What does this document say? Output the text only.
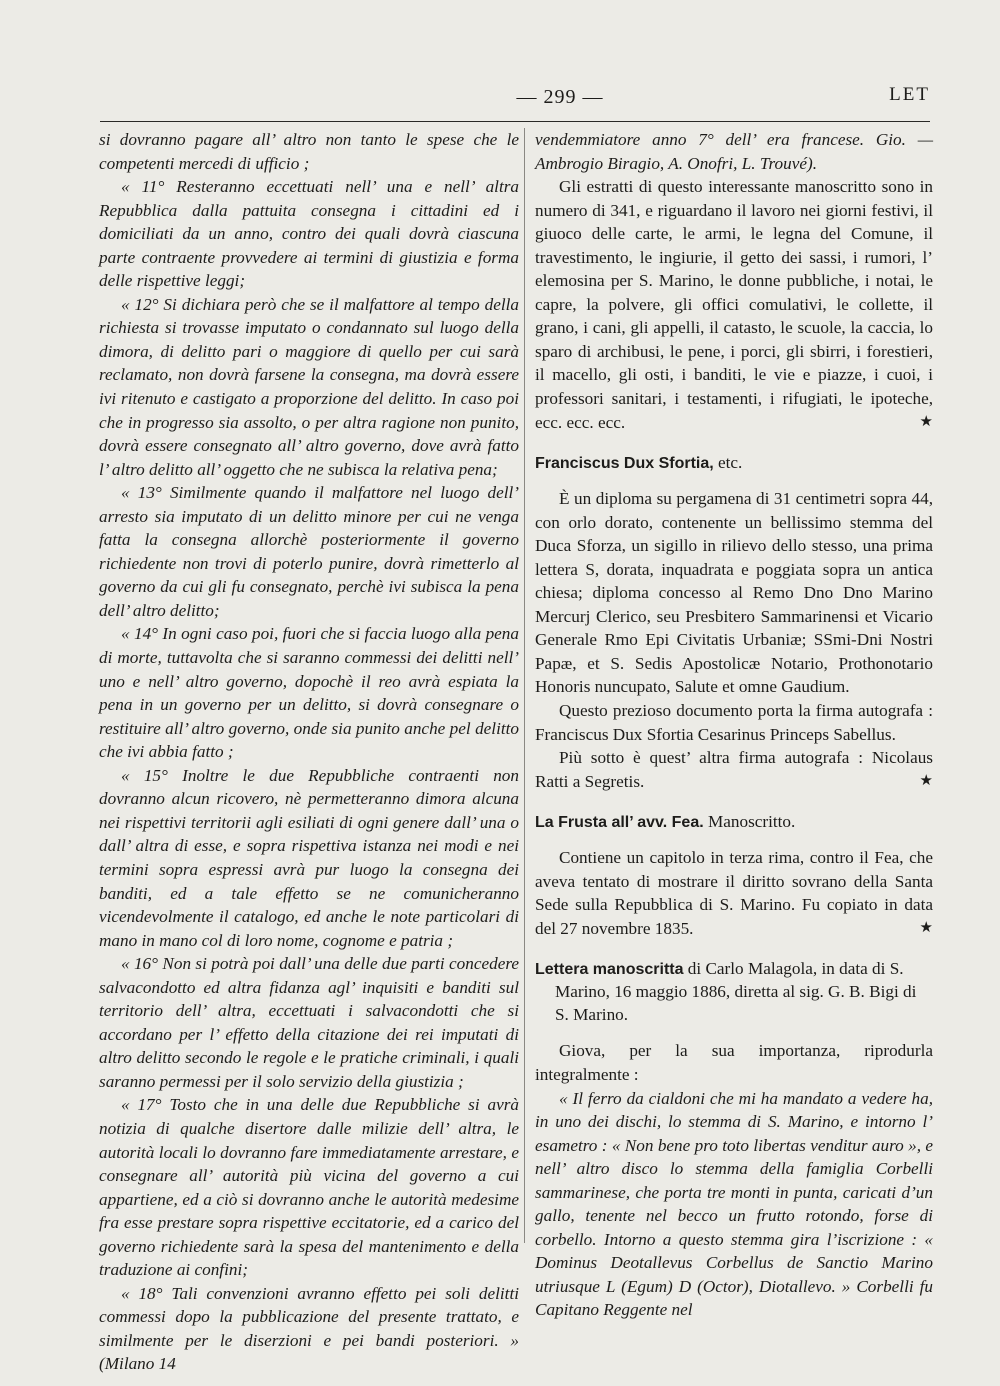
— 299 —	LET

si dovranno pagare all’ altro non tanto le spese che le competenti mercedi di ufficio ;

« 11° Resteranno eccettuati nell’ una e nell’ altra Repubblica dalla pattuita consegna i cittadini ed i domiciliati da un anno, contro dei quali dovrà ciascuna parte contraente provvedere ai termini di giustizia e forma delle rispettive leggi;

« 12° Si dichiara però che se il malfattore al tempo della richiesta si trovasse imputato o condannato sul luogo della dimora, di delitto pari o maggiore di quello per cui sarà reclamato, non dovrà farsene la consegna, ma dovrà essere ivi ritenuto e castigato a proporzione del delitto. In caso poi che in progresso sia assolto, o per altra ragione non punito, dovrà essere consegnato all’ altro governo, dove avrà fatto l’ altro delitto all’ oggetto che ne subisca la relativa pena;

« 13° Similmente quando il malfattore nel luogo dell’ arresto sia imputato di un delitto minore per cui ne venga fatta la consegna allorchè posteriormente il governo richiedente non trovi di poterlo punire, dovrà rimetterlo al governo da cui gli fu consegnato, perchè ivi subisca la pena dell’ altro delitto;

« 14° In ogni caso poi, fuori che si faccia luogo alla pena di morte, tuttavolta che si saranno commessi dei delitti nell’ uno e nell’ altro governo, dopochè il reo avrà espiata la pena in un governo per un delitto, si dovrà consegnare o restituire all’ altro governo, onde sia punito anche pel delitto che ivi abbia fatto ;

« 15° Inoltre le due Repubbliche contraenti non dovranno alcun ricovero, nè permetteranno dimora alcuna nei rispettivi territorii agli esiliati di ogni genere dall’ una o dall’ altra di esse, e sopra rispettiva istanza nei modi e nei termini sopra espressi avrà pur luogo la consegna dei banditi, ed a tale effetto se ne comunicheranno vicendevolmente il catalogo, ed anche le note particolari di mano in mano col di loro nome, cognome e patria ;

« 16° Non si potrà poi dall’ una delle due parti concedere salvacondotto ed altra fidanza agl’ inquisiti e banditi sul territorio dell’ altra, eccettuati i salvacondotti che si accordano per l’ effetto della citazione dei rei imputati di altro delitto secondo le regole e le pratiche criminali, i quali saranno permessi per il solo servizio della giustizia ;

« 17° Tosto che in una delle due Repubbliche si avrà notizia di qualche disertore dalle milizie dell’ altra, le autorità locali lo dovranno fare immediatamente arrestare, e consegnare all’ autorità più vicina del governo a cui appartiene, ed a ciò si dovranno anche le autorità medesime fra esse prestare sopra rispettive eccitatorie, ed a carico del governo richiedente sarà la spesa del mantenimento e della traduzione ai confini;

« 18° Tali convenzioni avranno effetto pei soli delitti commessi dopo la pubblicazione del presente trattato, e similmente per le diserzioni e pei bandi posteriori. » (Milano 14

vendemmiatore anno 7° dell’ era francese. Gio. — Ambrogio Biragio, A. Onofri, L. Trouvé).

Gli estratti di questo interessante manoscritto sono in numero di 341, e riguardano il lavoro nei giorni festivi, il giuoco delle carte, le armi, le legna del Comune, il travestimento, le ingiurie, il getto dei sassi, i rumori, l’ elemosina per S. Marino, le donne pubbliche, i notai, le capre, la polvere, gli offici comulativi, le collette, il grano, i cani, gli appelli, il catasto, le scuole, la caccia, lo sparo di archibusi, le pene, i porci, gli sbirri, i forestieri, il macello, gli osti, i banditi, le vie e piazze, i cuoi, i professori sanitari, i testamenti, i rifugiati, le ipoteche, ecc. ecc. ecc.	★

Franciscus Dux Sfortia, etc.

È un diploma su pergamena di 31 centimetri sopra 44, con orlo dorato, contenente un bellissimo stemma del Duca Sforza, un sigillo in rilievo dello stesso, una prima lettera S, dorata, inquadrata e poggiata sopra un antica chiesa; diploma concesso al Remo Dno Dno Marino Mercurj Clerico, seu Presbitero Sammarinensi et Vicario Generale Rmo Epi Civitatis Urbaniæ; SSmi-Dni Nostri Papæ, et S. Sedis Apostolicæ Notario, Prothonotario Honoris nuncupato, Salute et omne Gaudium.

Questo prezioso documento porta la firma autografa : Franciscus Dux Sfortia Cesarinus Princeps Sabellus.

Più sotto è quest’ altra firma autografa : Nicolaus Ratti a Segretis.	★

La Frusta all’ avv. Fea. Manoscritto.

Contiene un capitolo in terza rima, contro il Fea, che aveva tentato di mostrare il diritto sovrano della Santa Sede sulla Repubblica di S. Marino. Fu copiato in data del 27 novembre 1835.	★

Lettera manoscritta di Carlo Malagola, in data di S. Marino, 16 maggio 1886, diretta al sig. G. B. Bigi di S. Marino.

Giova, per la sua importanza, riprodurla integralmente :

« Il ferro da cialdoni che mi ha mandato a vedere ha, in uno dei dischi, lo stemma di S. Marino, e intorno l’ esametro : « Non bene pro toto libertas venditur auro », e nell’ altro disco lo stemma della famiglia Corbelli sammarinese, che porta tre monti in punta, caricati d’un gallo, tenente nel becco un frutto rotondo, forse di corbello. Intorno a questo stemma gira l’iscrizione : « Dominus Deotallevus Corbellus de Sanctio Marino utriusque L (Egum) D (Octor), Diotallevo. » Corbelli fu Capitano Reggente nel
